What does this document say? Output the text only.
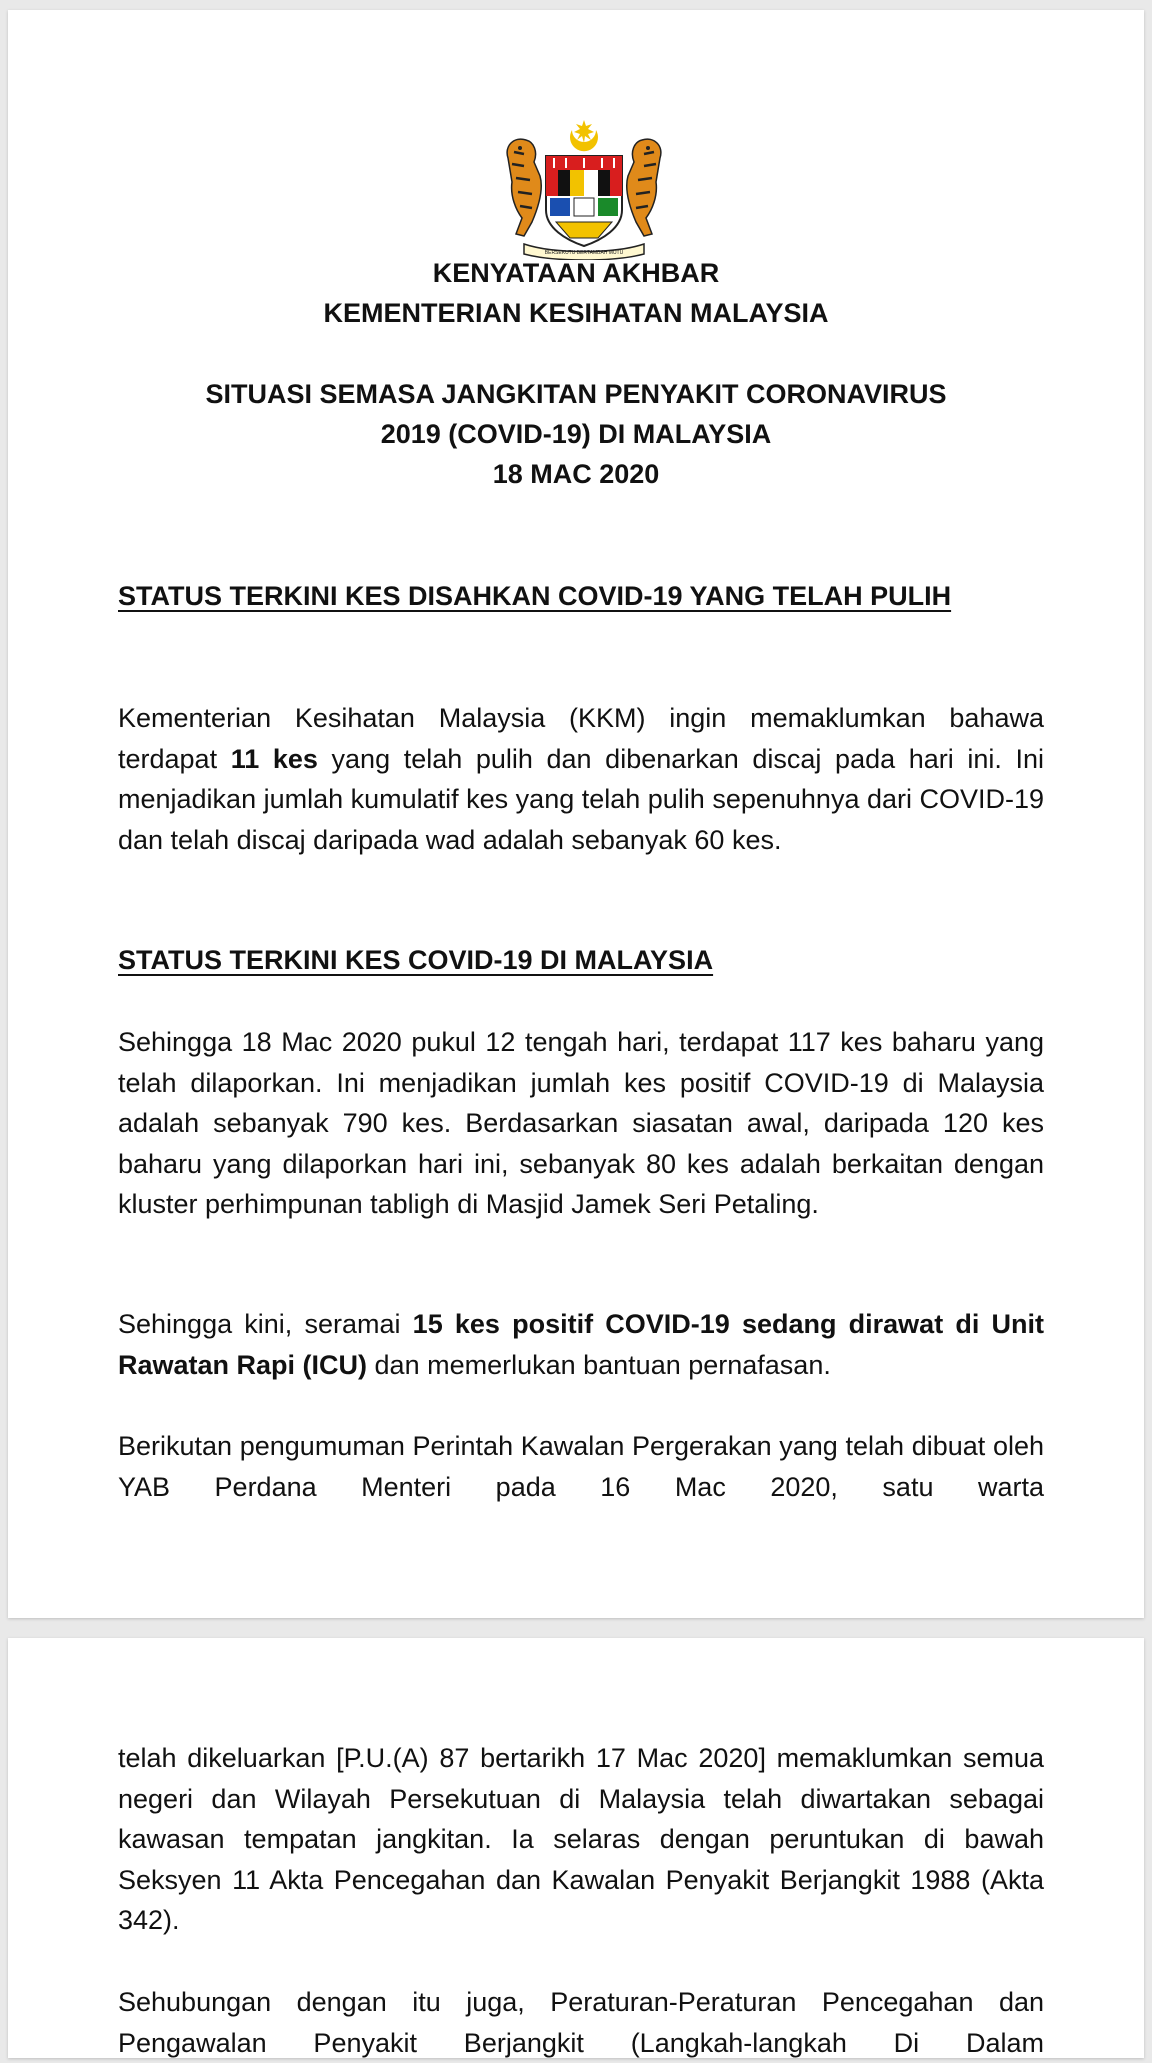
BERSEKUTU BERTAMBAH MUTU
KENYATAAN AKHBAR
KEMENTERIAN KESIHATAN MALAYSIA
SITUASI SEMASA JANGKITAN PENYAKIT CORONAVIRUS
2019 (COVID-19) DI MALAYSIA
18 MAC 2020

STATUS TERKINI KES DISAHKAN COVID-19 YANG TELAH PULIH

Kementerian Kesihatan Malaysia (KKM) ingin memaklumkan bahawa terdapat 11 kes yang telah pulih dan dibenarkan discaj pada hari ini. Ini menjadikan jumlah kumulatif kes yang telah pulih sepenuhnya dari COVID-19 dan telah discaj daripada wad adalah sebanyak 60 kes.

STATUS TERKINI KES COVID-19 DI MALAYSIA

Sehingga 18 Mac 2020 pukul 12 tengah hari, terdapat 117 kes baharu yang telah dilaporkan. Ini menjadikan jumlah kes positif COVID-19 di Malaysia adalah sebanyak 790 kes. Berdasarkan siasatan awal, daripada 120 kes baharu yang dilaporkan hari ini, sebanyak 80 kes adalah berkaitan dengan kluster perhimpunan tabligh di Masjid Jamek Seri Petaling.

Sehingga kini, seramai 15 kes positif COVID-19 sedang dirawat di Unit Rawatan Rapi (ICU) dan memerlukan bantuan pernafasan.

Berikutan pengumuman Perintah Kawalan Pergerakan yang telah dibuat oleh YAB Perdana Menteri pada 16 Mac 2020, satu warta

telah dikeluarkan [P.U.(A) 87 bertarikh 17 Mac 2020] memaklumkan semua negeri dan Wilayah Persekutuan di Malaysia telah diwartakan sebagai kawasan tempatan jangkitan. Ia selaras dengan peruntukan di bawah Seksyen 11 Akta Pencegahan dan Kawalan Penyakit Berjangkit 1988 (Akta 342).

Sehubungan dengan itu juga, Peraturan-Peraturan Pencegahan dan Pengawalan Penyakit Berjangkit (Langkah-langkah Di Dalam
